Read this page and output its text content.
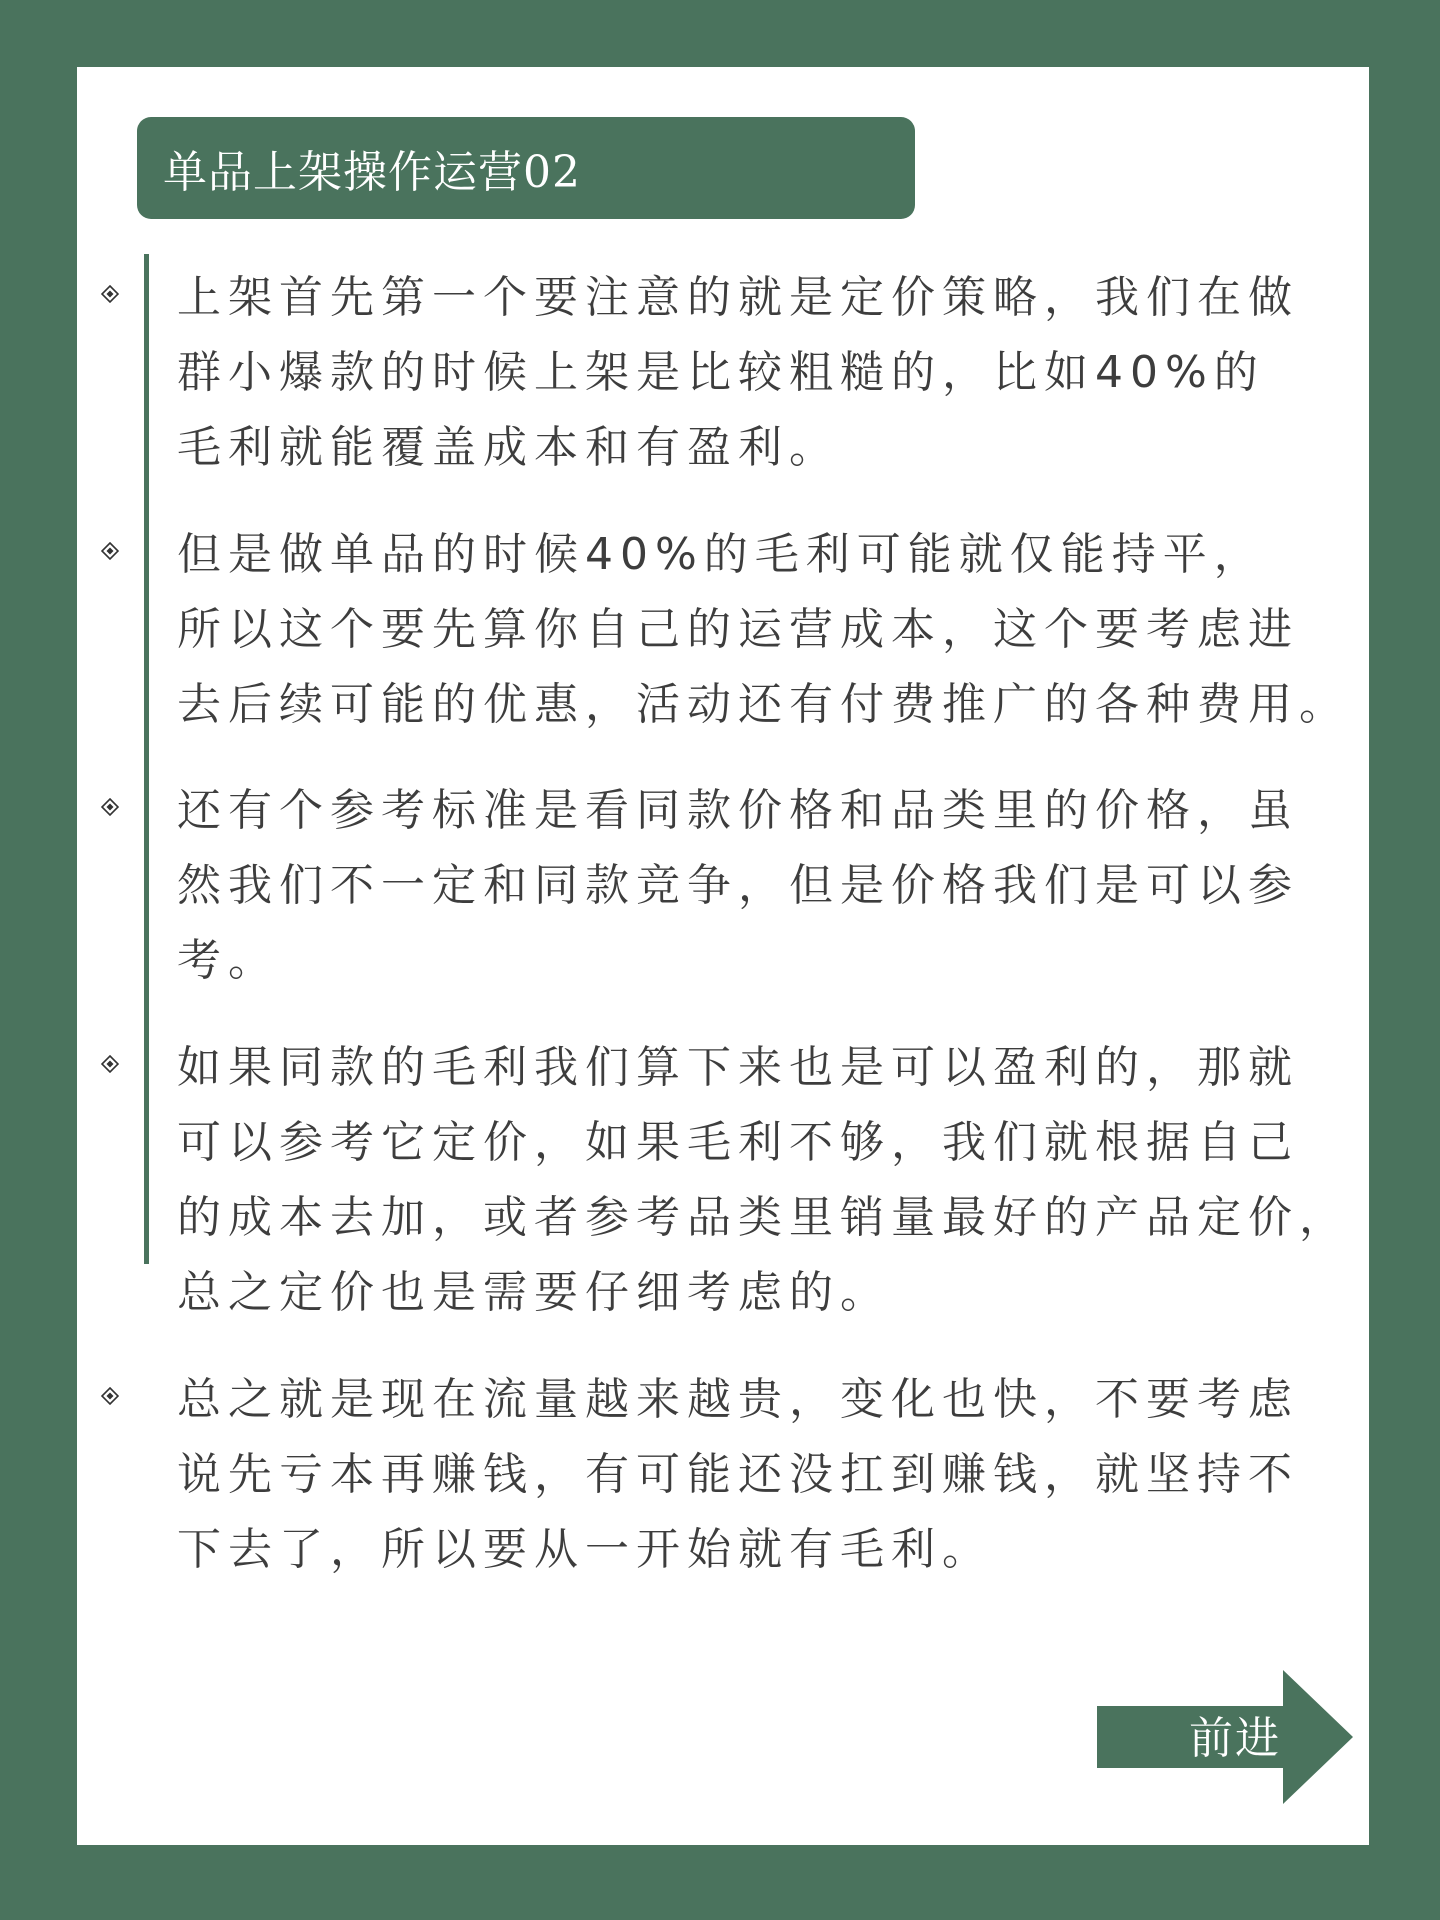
单品上架操作运营02
上架首先第一个要注意的就是定价策略，我们在做
群小爆款的时候上架是比较粗糙的，比如40%的
毛利就能覆盖成本和有盈利。
但是做单品的时候40%的毛利可能就仅能持平，
所以这个要先算你自己的运营成本，这个要考虑进
去后续可能的优惠，活动还有付费推广的各种费用。
还有个参考标准是看同款价格和品类里的价格，虽
然我们不一定和同款竞争，但是价格我们是可以参
考。
如果同款的毛利我们算下来也是可以盈利的，那就
可以参考它定价，如果毛利不够，我们就根据自己
的成本去加，或者参考品类里销量最好的产品定价，
总之定价也是需要仔细考虑的。
总之就是现在流量越来越贵，变化也快，不要考虑
说先亏本再赚钱，有可能还没扛到赚钱，就坚持不
下去了，所以要从一开始就有毛利。
前进
